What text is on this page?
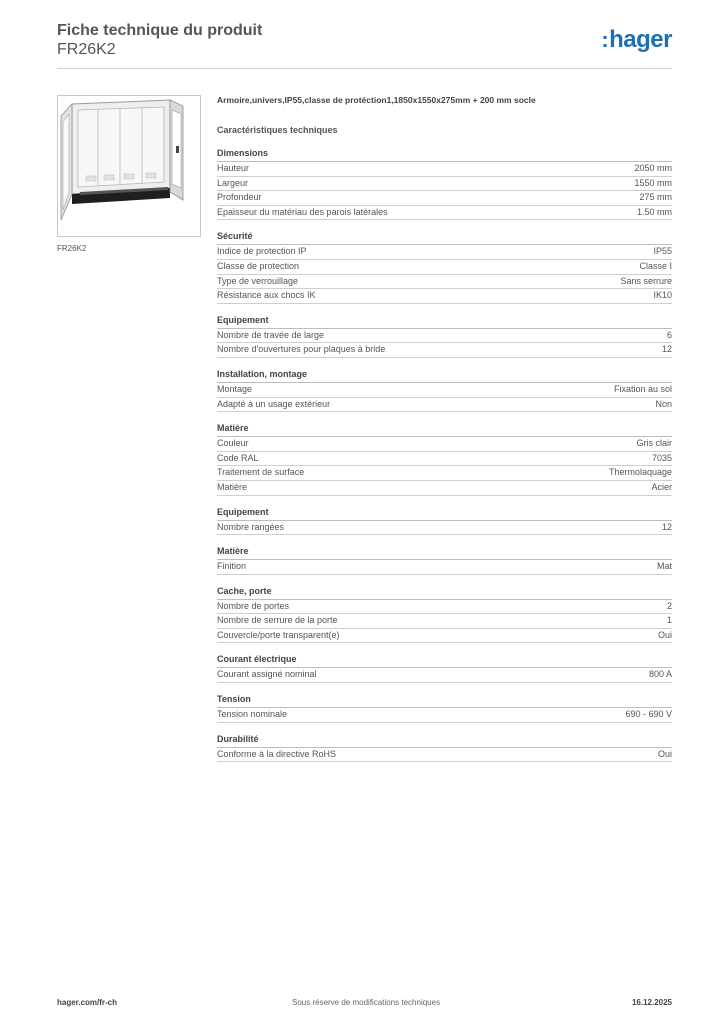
Fiche technique du produit
FR26K2	:hager
FR26K2
Armoire,univers,IP55,classe de protéction1,1850x1550x275mm + 200 mm socle
Caractéristiques techniques
Dimensions
Hauteur	2050 mm
Largeur	1550 mm
Profondeur	275 mm
Epaisseur du matériau des parois latérales	1.50 mm
Sécurité
Indice de protection IP	IP55
Classe de protection	Classe I
Type de verrouillage	Sans serrure
Résistance aux chocs IK	IK10
Equipement
Nombre de travée de large	6
Nombre d'ouvertures pour plaques à bride	12
Installation, montage
Montage	Fixation au sol
Adapté à un usage extérieur	Non
Matière
Couleur	Gris clair
Code RAL	7035
Traitement de surface	Thermolaquage
Matière	Acier
Equipement
Nombre rangées	12
Matière
Finition	Mat
Cache, porte
Nombre de portes	2
Nombre de serrure de la porte	1
Couvercle/porte transparent(e)	Oui
Courant électrique
Courant assigné nominal	800 A
Tension
Tension nominale	690 - 690 V
Durabilité
Conforme à la directive RoHS	Oui
hager.com/fr-ch	Sous réserve de modifications techniques	16.12.2025
